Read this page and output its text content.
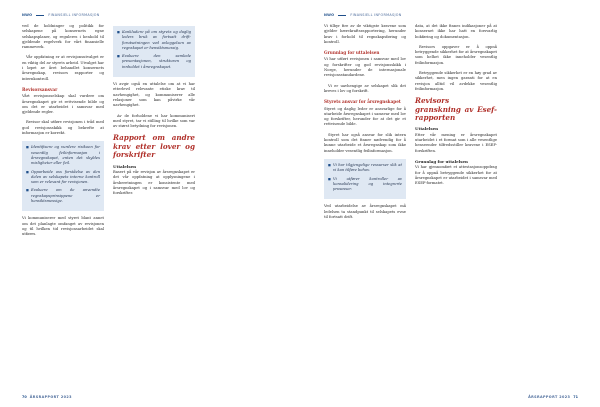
NWO	FINANSIELL INFORMASJON

ved de holdninger og politikk for selskapene på konsernets egne selskapsplaner, og reguleres i henhold til gjeldende regelverk for vårt finansielle rammeverk.

Vår oppfatning er at revisjonsutvalget er en viktig del av styrets arbeid. Utvalget har i løpet av året behandlet konsernets årsregnskap, revisors rapporter og internkontroll.

Revisorsansvar

Vårt revisjonsselskap skal vurdere om årsregnskapet gir et rettvisende bilde og om det er utarbeidet i samsvar med gjeldende regler.

Revisor skal utføre revisjonen i tråd med god revisjonsskikk og bekrefte at informasjon er korrekt.

■ Identifisere og vurdere risikoen for vesentlig feilinformasjon i årsregnskapet, enten det skyldes misligheter eller feil.
■ Opparbeide oss forståelse av den delen av selskapets interne kontroll som er relevant for revisjonen.
■ Evaluere om de anvendte regnskapsprinsippene er hensiktsmessige.

Vi kommuniserer med styret blant annet om det planlagte omfanget av revisjonen og til hvilken tid revisjonsarbeidet skal utføres.

■ Konkludere på om styrets og daglig leders bruk av fortsatt drift-forutsetningen ved avleggelsen av regnskapet er hensiktsmessig.
■ Evaluere den samlede presentasjonen, strukturen og innholdet i årsregnskapet.

Vi avgir også en uttalelse om at vi har etterlevd relevante etiske krav til uavhengighet, og kommuniserer alle relasjoner som kan påvirke vår uavhengighet.

Av de forholdene vi har kommunisert med styret, tar vi stilling til hvilke som var av størst betydning for revisjonen.

Rapport om andre krav etter lover og forskrifter
Uttalelsen

Basert på vår revisjon av årsregnskapet er det vår oppfatning at opplysningene i årsberetningen er konsistente med årsregnskapet og i samsvar med lov og forskrifter.

70 ÅRSRAPPORT 2023
NWO	FINANSIELL INFORMASJON

Vi tilbyr fire av de viktigste kravene som gjelder bærekraftsrapportering, herunder krav i forhold til regnskapsføring og kontroll.

Grunnlag for uttalelsen

Vi har utført revisjonen i samsvar med lov og forskrifter og god revisjonsskikk i Norge, herunder de internasjonale revisjonsstandardene.

Vi er uavhengige av selskapet slik det kreves i lov og forskrift.

Styrets ansvar for årsregnskapet

Styret og daglig leder er ansvarlige for å utarbeide årsregnskapet i samsvar med lov og forskrifter, herunder for at det gir et rettvisende bilde.

Styret har også ansvar for slik intern kontroll som det finner nødvendig for å kunne utarbeide et årsregnskap som ikke inneholder vesentlig feilinformasjon.

■ Vi har tilgjengelige ressurser slik at vi kan tilføre behov.
■ Vi utfører kontroller av konsolidering og integrerte prosesser.

Ved utarbeidelse av årsregnskapet må ledelsen ta standpunkt til selskapets evne til fortsatt drift.

data, at det ikke finnes indikasjoner på at konsernet ikke har hatt en forsvarlig bokføring og dokumentasjon.

Revisors oppgaver er å oppnå betryggende sikkerhet for at årsregnskapet som helhet ikke inneholder vesentlig feilinformasjon.

Betryggende sikkerhet er en høy grad av sikkerhet, men ingen garanti for at en revisjon alltid vil avdekke vesentlig feilinformasjon.

Revisors granskning av Esef-rapporten
Uttalelsen

Etter vår mening er årsregnskapet utarbeidet i et format som i alle vesentlige henseender tilfredsstiller kravene i ESEF-forskriften.

Grunnlag for uttalelsen

Vi har gjennomført et attestasjonsoppdrag for å oppnå betryggende sikkerhet for at årsregnskapet er utarbeidet i samsvar med ESEF-formatet.

ÅRSRAPPORT 2023 71
